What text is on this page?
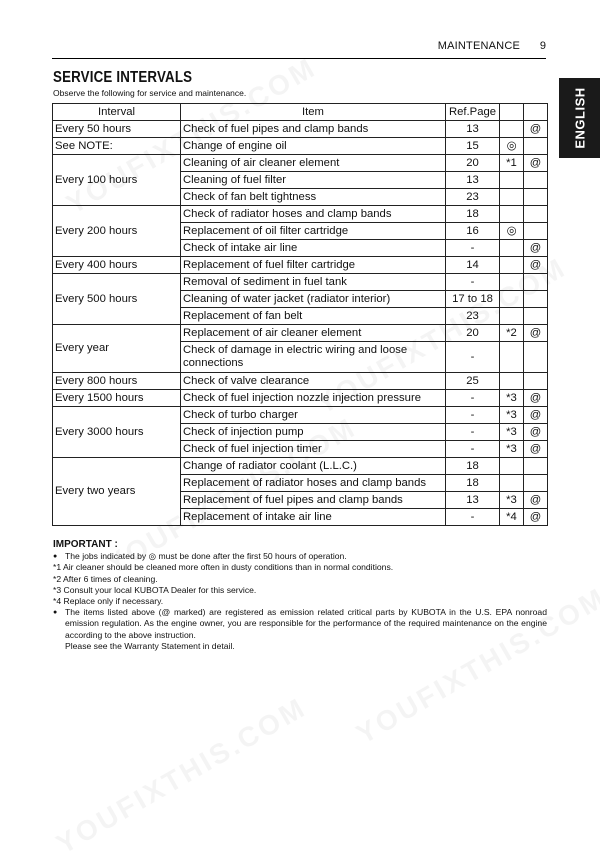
MAINTENANCE 9
ENGLISH
SERVICE INTERVALS
Observe the following for service and maintenance.
Interval	Item	Ref.Page		
Every 50 hours	Check of fuel pipes and clamp bands	13		@
See NOTE:	Change of engine oil	15	◎	
Every 100 hours	Cleaning of air cleaner element	20	*1	@
	Cleaning of fuel filter	13		
	Check of fan belt tightness	23		
Every 200 hours	Check of radiator hoses and clamp bands	18		
	Replacement of oil filter cartridge	16	◎	
	Check of intake air line	-		@
Every 400 hours	Replacement of fuel filter cartridge	14		@
Every 500 hours	Removal of sediment in fuel tank	-		
	Cleaning of water jacket (radiator interior)	17 to 18		
	Replacement of fan belt	23		
Every year	Replacement of air cleaner element	20	*2	@
	Check of damage in electric wiring and loose connections	-		
Every 800 hours	Check of valve clearance	25		
Every 1500 hours	Check of fuel injection nozzle injection pressure	-	*3	@
Every 3000 hours	Check of turbo charger	-	*3	@
	Check of injection pump	-	*3	@
	Check of fuel injection timer	-	*3	@
Every two years	Change of radiator coolant (L.L.C.)	18		
	Replacement of radiator hoses and clamp bands	18		
	Replacement of fuel pipes and clamp bands	13	*3	@
	Replacement of intake air line	-	*4	@
IMPORTANT :
● The jobs indicated by ◎ must be done after the first 50 hours of operation.
*1 Air cleaner should be cleaned more often in dusty conditions than in normal conditions.
*2 After 6 times of cleaning.
*3 Consult your local KUBOTA Dealer for this service.
*4 Replace only if necessary.
● The items listed above (@ marked) are registered as emission related critical parts by KUBOTA in the U.S. EPA nonroad emission regulation. As the engine owner, you are responsible for the performance of the required maintenance on the engine according to the above instruction.
Please see the Warranty Statement in detail.
